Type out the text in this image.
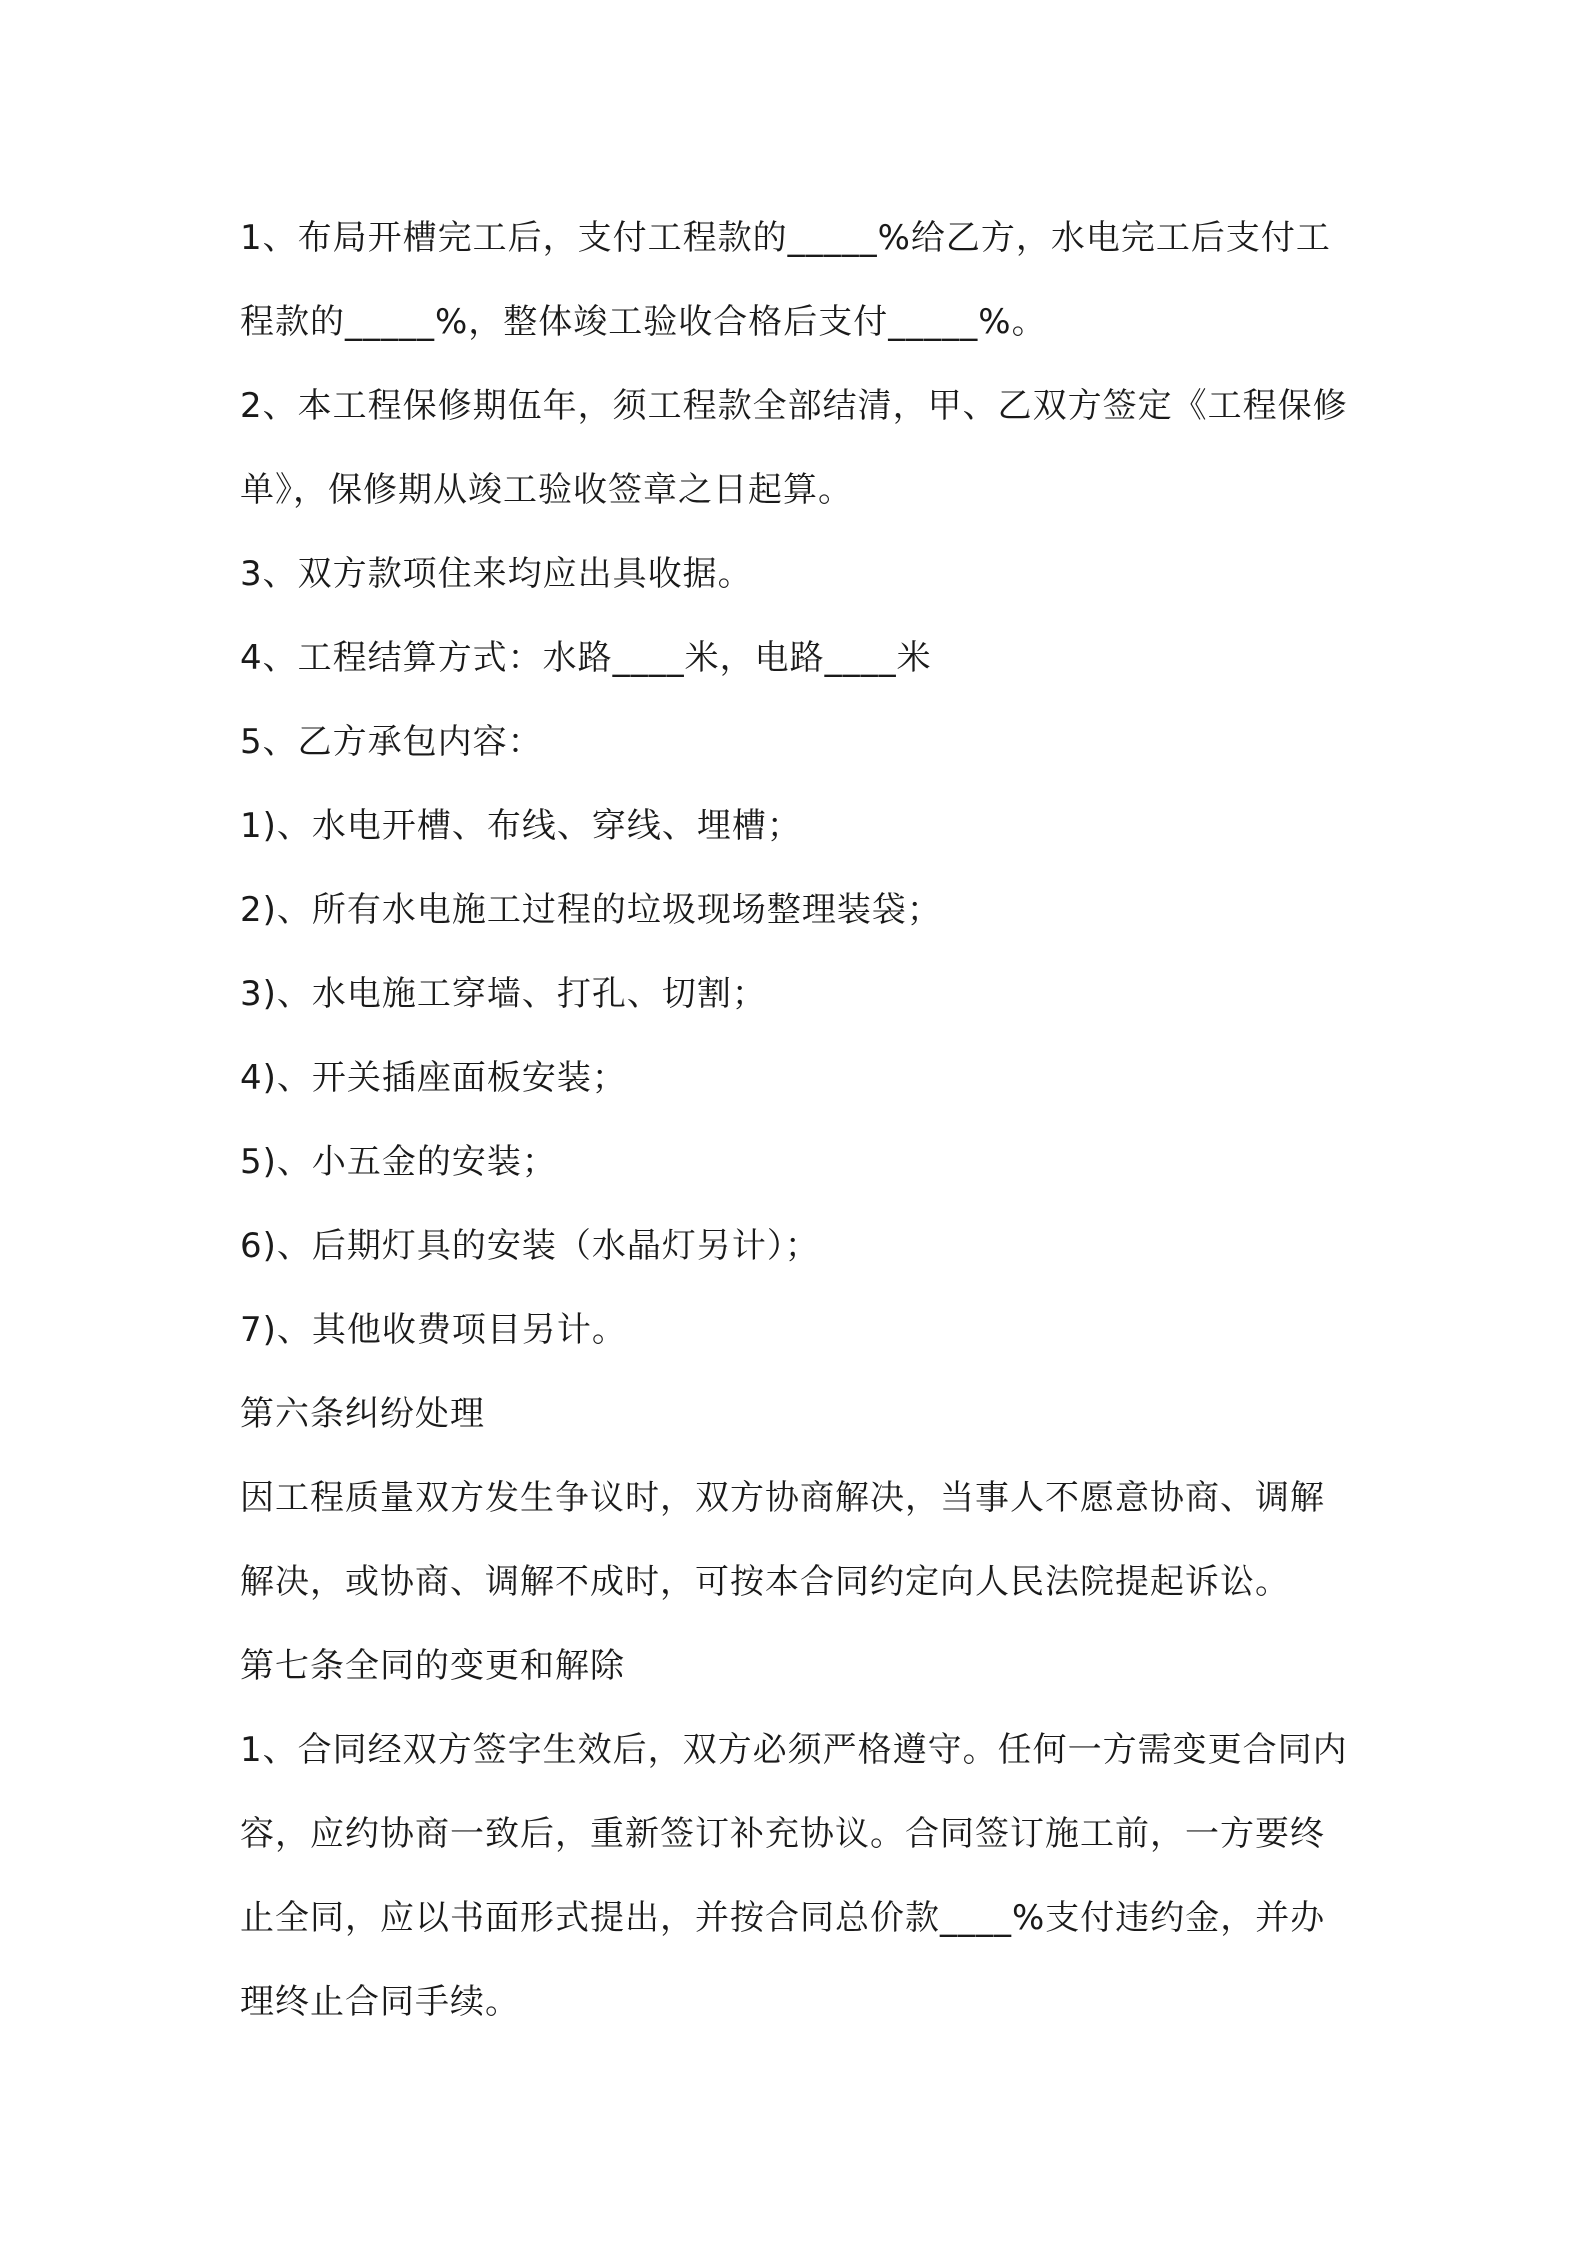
1、布局开槽完工后，支付工程款的_____%给乙方，水电完工后支付工程款的_____%，整体竣工验收合格后支付_____%。

2、本工程保修期伍年，须工程款全部结清，甲、乙双方签定《工程保修单》，保修期从竣工验收签章之日起算。

3、双方款项住来均应出具收据。

4、工程结算方式：水路____米，电路____米

5、乙方承包内容：

1)、水电开槽、布线、穿线、埋槽；

2)、所有水电施工过程的垃圾现场整理装袋；

3)、水电施工穿墙、打孔、切割；

4)、开关插座面板安装；

5)、小五金的安装；

6)、后期灯具的安装（水晶灯另计）；

7)、其他收费项目另计。

第六条纠纷处理

因工程质量双方发生争议时，双方协商解决，当事人不愿意协商、调解解决，或协商、调解不成时，可按本合同约定向人民法院提起诉讼。

第七条全同的变更和解除

1、合同经双方签字生效后，双方必须严格遵守。任何一方需变更合同内容，应约协商一致后，重新签订补充协议。合同签订施工前，一方要终止全同，应以书面形式提出，并按合同总价款____%支付违约金，并办理终止合同手续。
